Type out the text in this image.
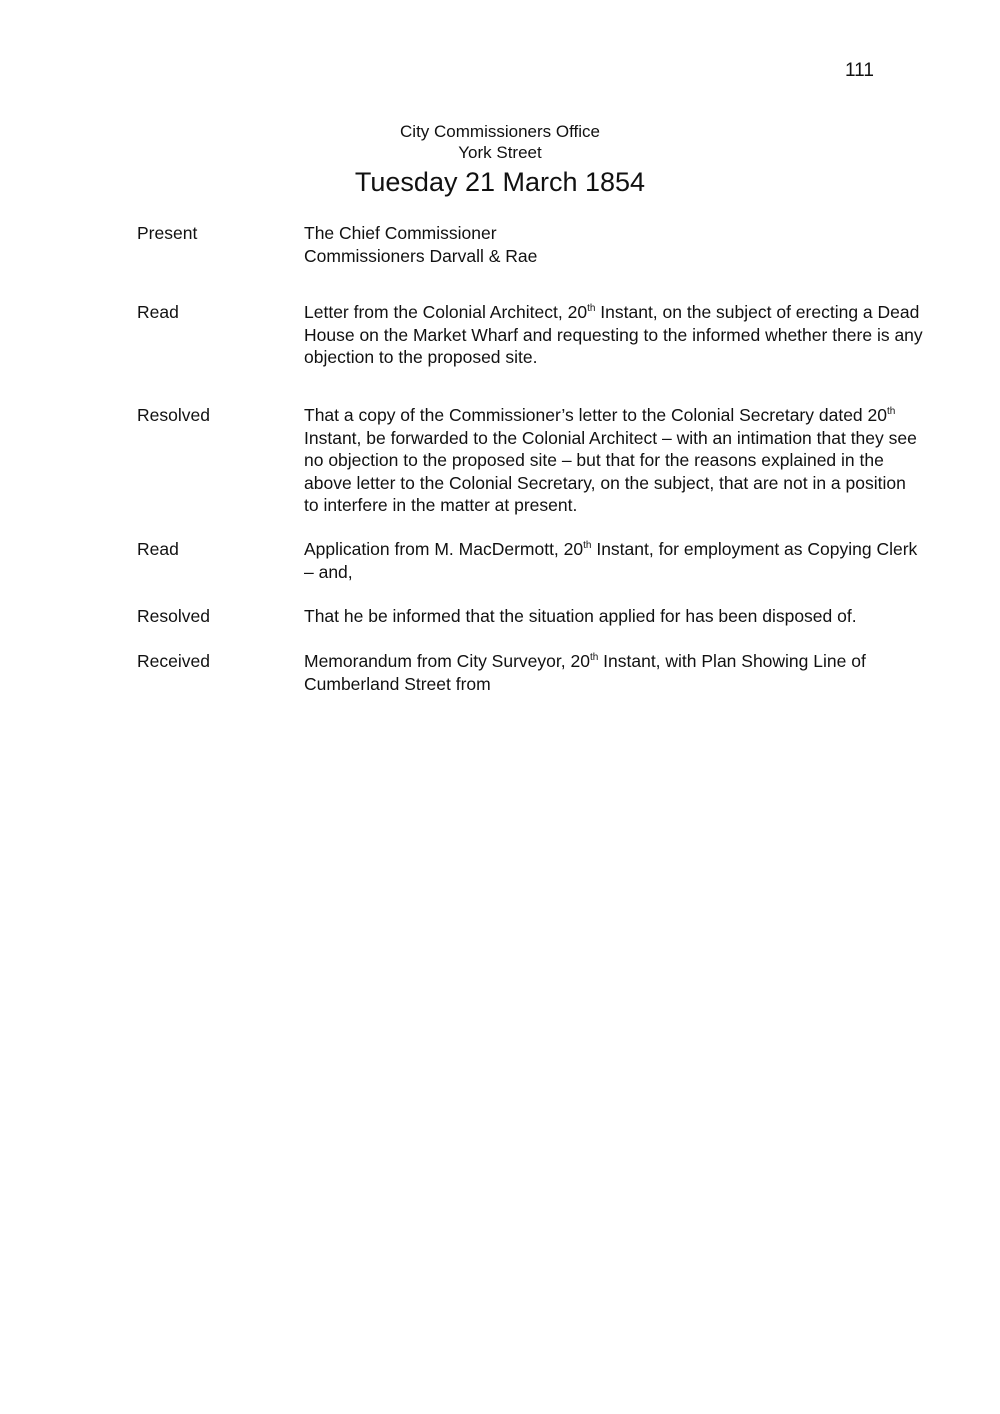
111
City Commissioners Office
York Street
Tuesday 21 March 1854
Present	The Chief Commissioner

Commissioners Darvall & Rae

Read	Letter from the Colonial Architect, 20th Instant, on the subject of erecting a Dead House on the Market Wharf and requesting to the informed whether there is any objection to the proposed site.
Resolved	That a copy of the Commissioner’s letter to the Colonial Secretary dated 20th Instant, be forwarded to the Colonial Architect – with an intimation that they see no objection to the proposed site – but that for the reasons explained in the above letter to the Colonial Secretary, on the subject, that are not in a position to interfere in the matter at present.
Read	Application from M. MacDermott, 20th Instant, for employment as Copying Clerk – and,
Resolved	That he be informed that the situation applied for has been disposed of.
Received	Memorandum from City Surveyor, 20th Instant, with Plan Showing Line of Cumberland Street from
